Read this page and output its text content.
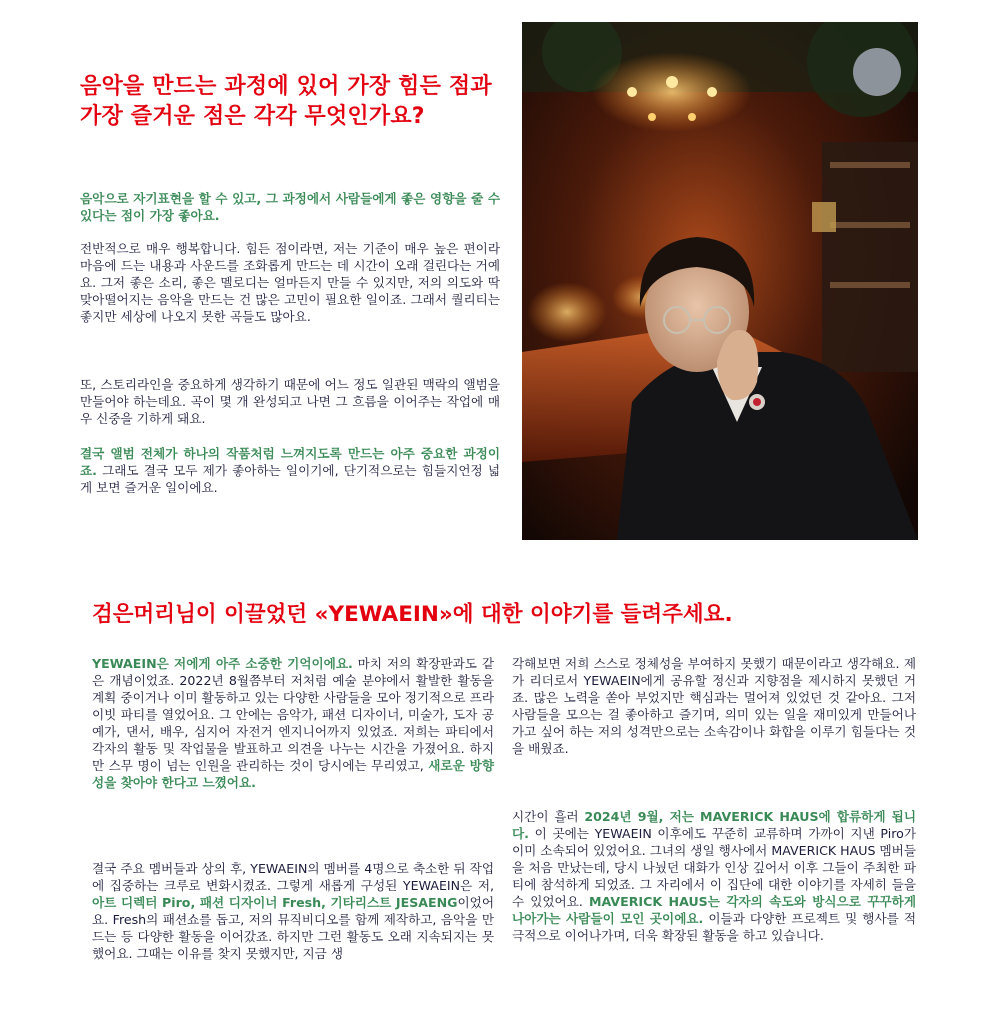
음악을 만드는 과정에 있어 가장 힘든 점과 가장 즐거운 점은 각각 무엇인가요?

음악으로 자기표현을 할 수 있고, 그 과정에서 사람들에게 좋은 영향을 줄 수 있다는 점이 가장 좋아요.

전반적으로 매우 행복합니다. 힘든 점이라면, 저는 기준이 매우 높은 편이라 마음에 드는 내용과 사운드를 조화롭게 만드는 데 시간이 오래 걸린다는 거예요. 그저 좋은 소리, 좋은 멜로디는 얼마든지 만들 수 있지만, 저의 의도와 딱 맞아떨어지는 음악을 만드는 건 많은 고민이 필요한 일이죠. 그래서 퀄리티는 좋지만 세상에 나오지 못한 곡들도 많아요.

또, 스토리라인을 중요하게 생각하기 때문에 어느 정도 일관된 맥락의 앨범을 만들어야 하는데요. 곡이 몇 개 완성되고 나면 그 흐름을 이어주는 작업에 매우 신중을 기하게 돼요.

결국 앨범 전체가 하나의 작품처럼 느껴지도록 만드는 아주 중요한 과정이죠. 그래도 결국 모두 제가 좋아하는 일이기에, 단기적으로는 힘들지언정 넓게 보면 즐거운 일이에요.

검은머리님이 이끌었던 «YEWAEIN»에 대한 이야기를 들려주세요.

YEWAEIN은 저에게 아주 소중한 기억이에요. 마치 저의 확장판과도 같은 개념이었죠. 2022년 8월쯤부터 저처럼 예술 분야에서 활발한 활동을 계획 중이거나 이미 활동하고 있는 다양한 사람들을 모아 정기적으로 프라이빗 파티를 열었어요. 그 안에는 음악가, 패션 디자이너, 미술가, 도자 공예가, 댄서, 배우, 심지어 자전거 엔지니어까지 있었죠. 저희는 파티에서 각자의 활동 및 작업물을 발표하고 의견을 나누는 시간을 가졌어요. 하지만 스무 명이 넘는 인원을 관리하는 것이 당시에는 무리였고, 새로운 방향성을 찾아야 한다고 느꼈어요.

결국 주요 멤버들과 상의 후, YEWAEIN의 멤버를 4명으로 축소한 뒤 작업에 집중하는 크루로 변화시켰죠. 그렇게 새롭게 구성된 YEWAEIN은 저, 아트 디렉터 Piro, 패션 디자이너 Fresh, 기타리스트 JESAENG이었어요. Fresh의 패션쇼를 돕고, 저의 뮤직비디오를 함께 제작하고, 음악을 만드는 등 다양한 활동을 이어갔죠. 하지만 그런 활동도 오래 지속되지는 못했어요. 그때는 이유를 찾지 못했지만, 지금 생

각해보면 저희 스스로 정체성을 부여하지 못했기 때문이라고 생각해요. 제가 리더로서 YEWAEIN에게 공유할 정신과 지향점을 제시하지 못했던 거죠. 많은 노력을 쏟아 부었지만 핵심과는 멀어져 있었던 것 같아요. 그저 사람들을 모으는 걸 좋아하고 즐기며, 의미 있는 일을 재미있게 만들어나가고 싶어 하는 저의 성격만으로는 소속감이나 화합을 이루기 힘들다는 것을 배웠죠.

시간이 흘러 2024년 9월, 저는 MAVERICK HAUS에 합류하게 됩니다. 이 곳에는 YEWAEIN 이후에도 꾸준히 교류하며 가까이 지낸 Piro가 이미 소속되어 있었어요. 그녀의 생일 행사에서 MAVERICK HAUS 멤버들을 처음 만났는데, 당시 나눴던 대화가 인상 깊어서 이후 그들이 주최한 파티에 참석하게 되었죠. 그 자리에서 이 집단에 대한 이야기를 자세히 들을 수 있었어요. MAVERICK HAUS는 각자의 속도와 방식으로 꾸꾸하게 나아가는 사람들이 모인 곳이에요. 이들과 다양한 프로젝트 및 행사를 적극적으로 이어나가며, 더욱 확장된 활동을 하고 있습니다.
